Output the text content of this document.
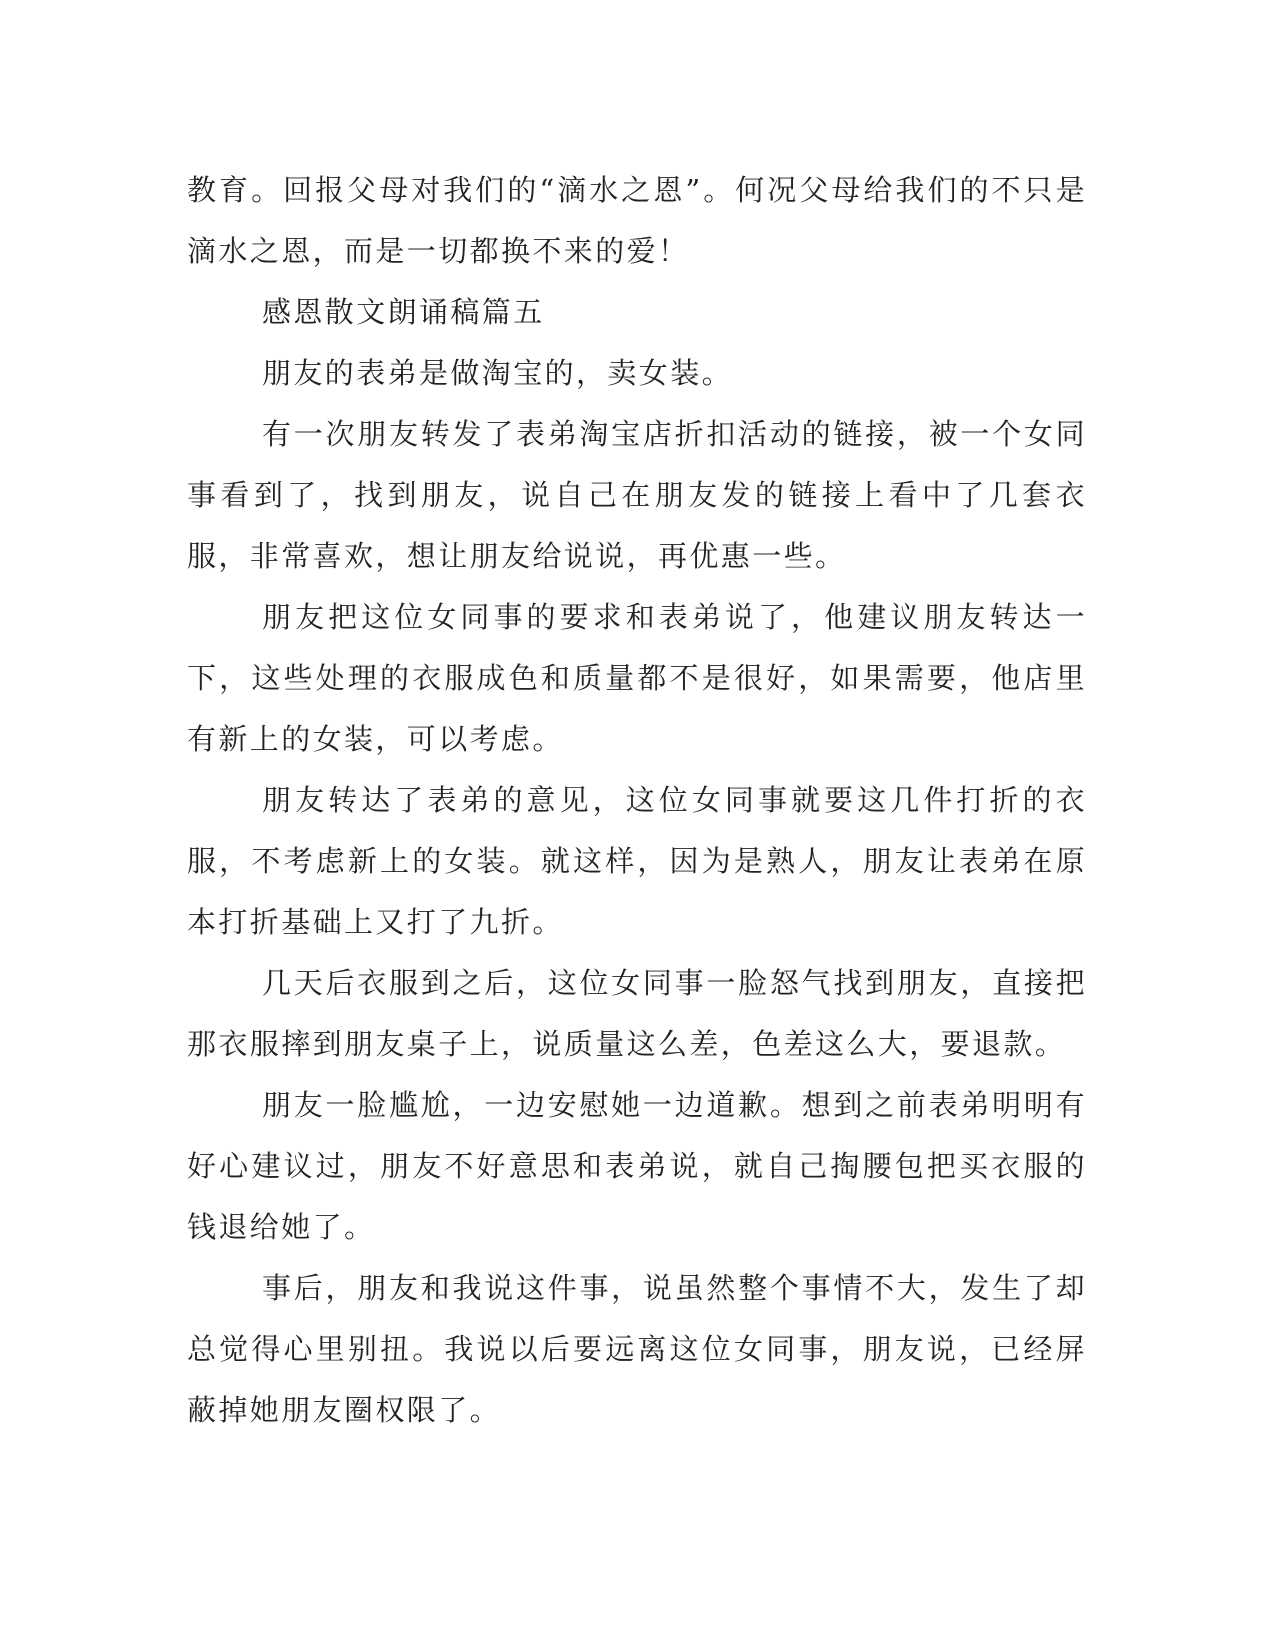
教育。回报父母对我们的“滴水之恩”。何况父母给我们的不只是滴水之恩，而是一切都换不来的爱！

感恩散文朗诵稿篇五

朋友的表弟是做淘宝的，卖女装。

有一次朋友转发了表弟淘宝店折扣活动的链接，被一个女同事看到了，找到朋友，说自己在朋友发的链接上看中了几套衣服，非常喜欢，想让朋友给说说，再优惠一些。

朋友把这位女同事的要求和表弟说了，他建议朋友转达一下，这些处理的衣服成色和质量都不是很好，如果需要，他店里有新上的女装，可以考虑。

朋友转达了表弟的意见，这位女同事就要这几件打折的衣服，不考虑新上的女装。就这样，因为是熟人，朋友让表弟在原本打折基础上又打了九折。

几天后衣服到之后，这位女同事一脸怒气找到朋友，直接把那衣服摔到朋友桌子上，说质量这么差，色差这么大，要退款。

朋友一脸尴尬，一边安慰她一边道歉。想到之前表弟明明有好心建议过，朋友不好意思和表弟说，就自己掏腰包把买衣服的钱退给她了。

事后，朋友和我说这件事，说虽然整个事情不大，发生了却总觉得心里别扭。我说以后要远离这位女同事，朋友说，已经屏蔽掉她朋友圈权限了。
